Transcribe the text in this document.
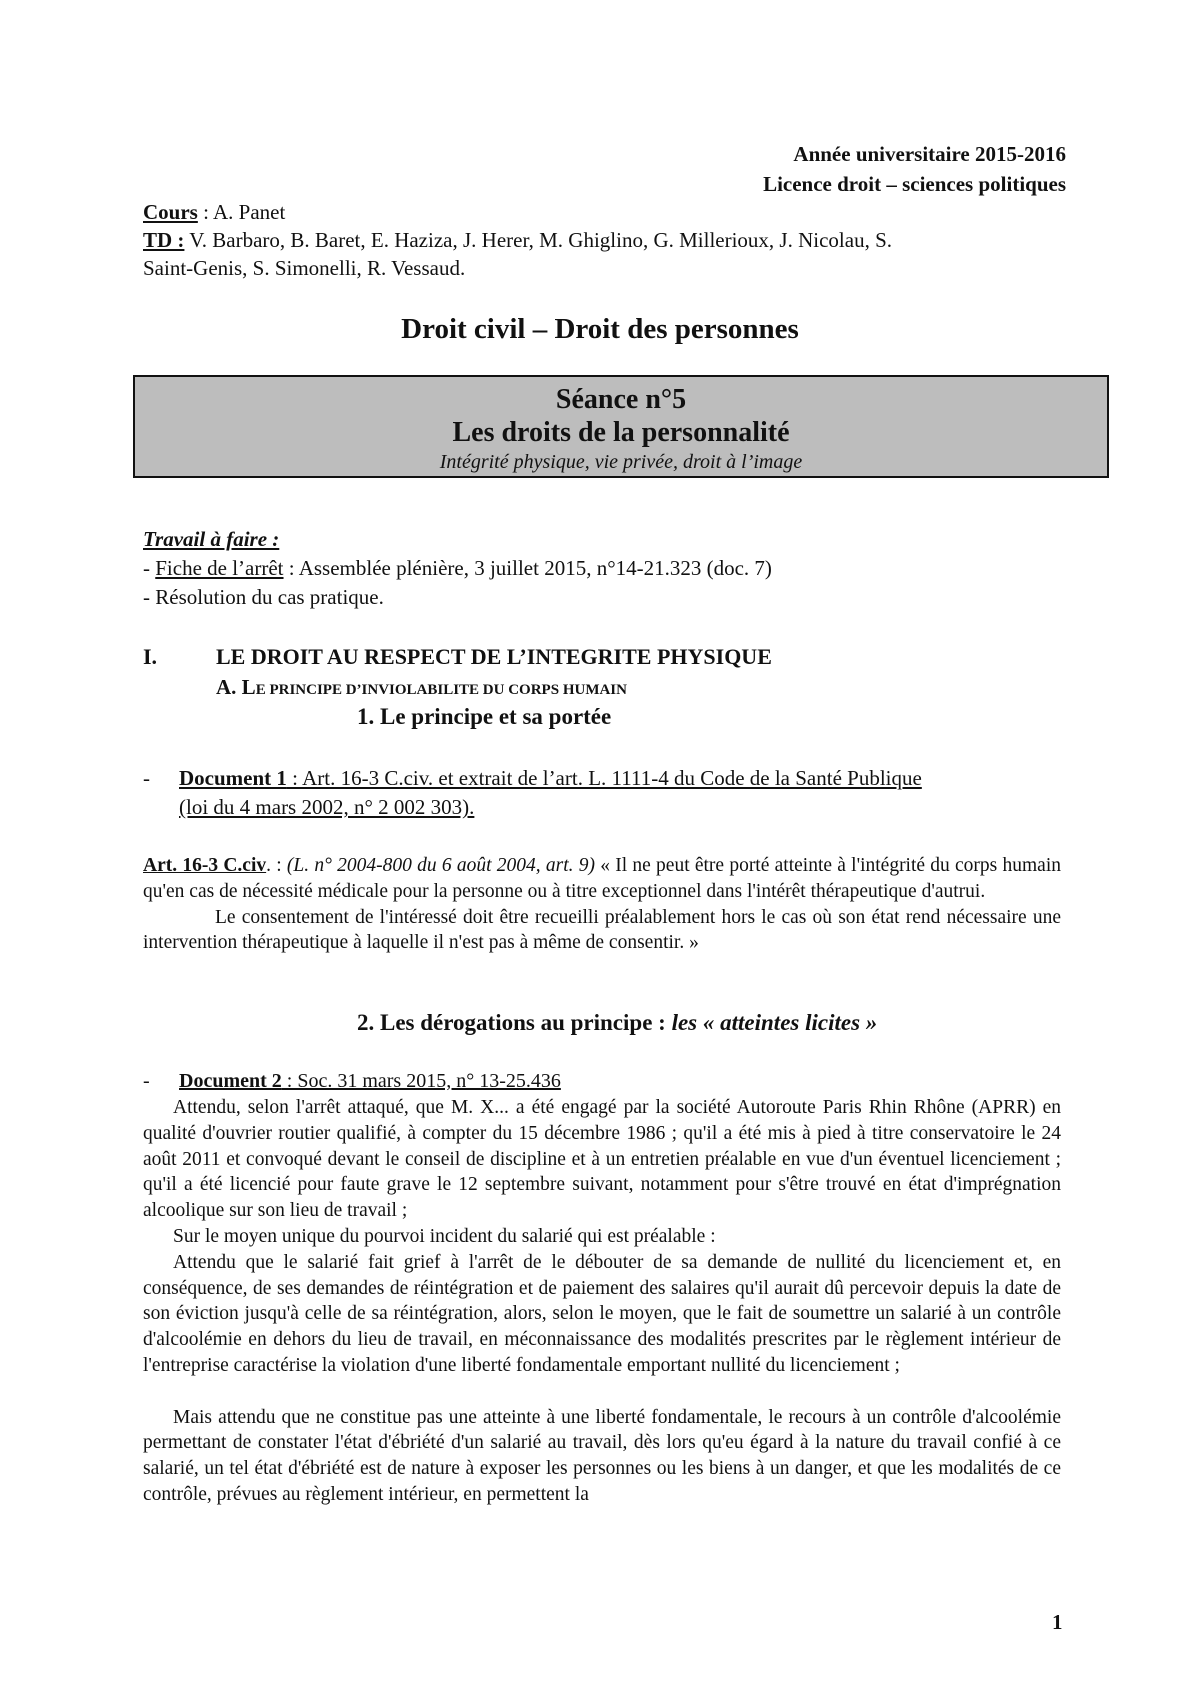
Année universitaire 2015-2016
Licence droit – sciences politiques
Cours : A. Panet
TD : V. Barbaro, B. Baret, E. Haziza, J. Herer, M. Ghiglino, G. Millerioux, J. Nicolau, S.
Saint-Genis, S. Simonelli, R. Vessaud.
Droit civil – Droit des personnes
Séance n°5
Les droits de la personnalité
Intégrité physique, vie privée, droit à l’image
Travail à faire :
- Fiche de l’arrêt : Assemblée plénière, 3 juillet 2015, n°14-21.323 (doc. 7)
- Résolution du cas pratique.
I.	LE DROIT AU RESPECT DE L’INTEGRITE PHYSIQUE
A. LE PRINCIPE D’INVIOLABILITE DU CORPS HUMAIN
1. Le principe et sa portée
- Document 1 : Art. 16-3 C.civ. et extrait de l’art. L. 1111-4 du Code de la Santé Publique
(loi du 4 mars 2002, n° 2 002 303).

Art. 16-3 C.civ. : (L. n° 2004-800 du 6 août 2004, art. 9) « Il ne peut être porté atteinte à l'intégrité du corps humain qu'en cas de nécessité médicale pour la personne ou à titre exceptionnel dans l'intérêt thérapeutique d'autrui.

Le consentement de l'intéressé doit être recueilli préalablement hors le cas où son état rend nécessaire une intervention thérapeutique à laquelle il n'est pas à même de consentir. »

2. Les dérogations au principe : les « atteintes licites »
- Document 2 : Soc. 31 mars 2015, n° 13-25.436

Attendu, selon l'arrêt attaqué, que M. X... a été engagé par la société Autoroute Paris Rhin Rhône (APRR) en qualité d'ouvrier routier qualifié, à compter du 15 décembre 1986 ; qu'il a été mis à pied à titre conservatoire le 24 août 2011 et convoqué devant le conseil de discipline et à un entretien préalable en vue d'un éventuel licenciement ; qu'il a été licencié pour faute grave le 12 septembre suivant, notamment pour s'être trouvé en état d'imprégnation alcoolique sur son lieu de travail ;

Sur le moyen unique du pourvoi incident du salarié qui est préalable :

Attendu que le salarié fait grief à l'arrêt de le débouter de sa demande de nullité du licenciement et, en conséquence, de ses demandes de réintégration et de paiement des salaires qu'il aurait dû percevoir depuis la date de son éviction jusqu'à celle de sa réintégration, alors, selon le moyen, que le fait de soumettre un salarié à un contrôle d'alcoolémie en dehors du lieu de travail, en méconnaissance des modalités prescrites par le règlement intérieur de l'entreprise caractérise la violation d'une liberté fondamentale emportant nullité du licenciement ;

Mais attendu que ne constitue pas une atteinte à une liberté fondamentale, le recours à un contrôle d'alcoolémie permettant de constater l'état d'ébriété d'un salarié au travail, dès lors qu'eu égard à la nature du travail confié à ce salarié, un tel état d'ébriété est de nature à exposer les personnes ou les biens à un danger, et que les modalités de ce contrôle, prévues au règlement intérieur, en permettent la

1
